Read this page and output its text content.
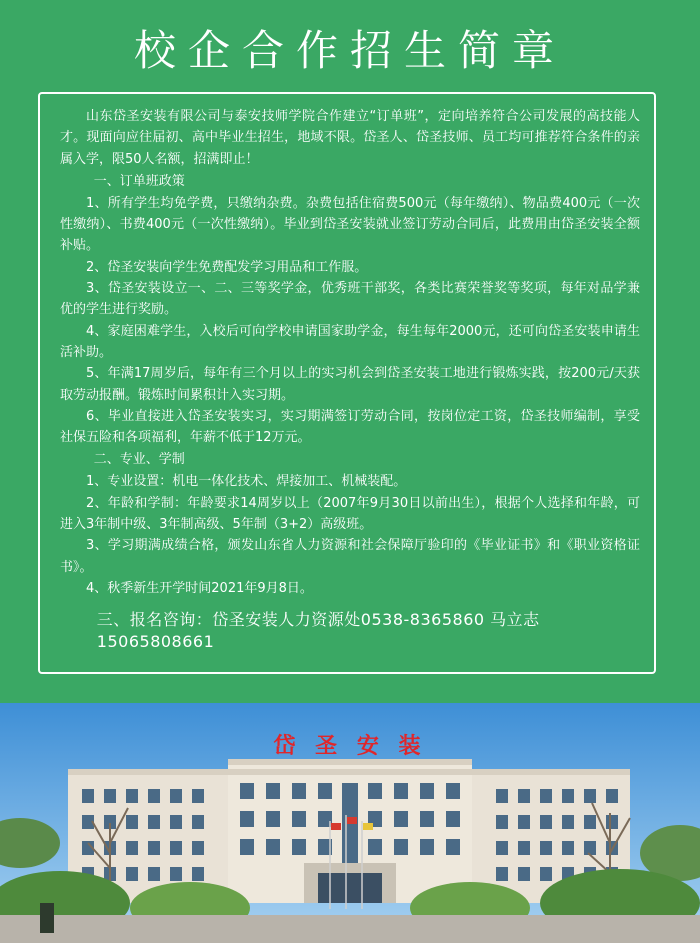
校企合作招生简章

山东岱圣安装有限公司与泰安技师学院合作建立“订单班”，定向培养符合公司发展的高技能人才。现面向应往届初、高中毕业生招生，地域不限。岱圣人、岱圣技师、员工均可推荐符合条件的亲属入学，限50人名额，招满即止！

一、订单班政策

1、所有学生均免学费，只缴纳杂费。杂费包括住宿费500元（每年缴纳）、物品费400元（一次性缴纳）、书费400元（一次性缴纳）。毕业到岱圣安装就业签订劳动合同后，此费用由岱圣安装全额补贴。

2、岱圣安装向学生免费配发学习用品和工作服。

3、岱圣安装设立一、二、三等奖学金，优秀班干部奖，各类比赛荣誉奖等奖项，每年对品学兼优的学生进行奖励。

4、家庭困难学生，入校后可向学校申请国家助学金，每生每年2000元，还可向岱圣安装申请生活补助。

5、年满17周岁后，每年有三个月以上的实习机会到岱圣安装工地进行锻炼实践，按200元/天获取劳动报酬。锻炼时间累积计入实习期。

6、毕业直接进入岱圣安装实习，实习期满签订劳动合同，按岗位定工资，岱圣技师编制，享受社保五险和各项福利，年薪不低于12万元。

二、专业、学制

1、专业设置：机电一体化技术、焊接加工、机械装配。

2、年龄和学制：年龄要求14周岁以上（2007年9月30日以前出生），根据个人选择和年龄，可进入3年制中级、3年制高级、5年制（3+2）高级班。

3、学习期满成绩合格，颁发山东省人力资源和社会保障厅验印的《毕业证书》和《职业资格证书》。

4、秋季新生开学时间2021年9月8日。

三、报名咨询：岱圣安装人力资源处0538-8365860 马立志15065808661

岱 圣 安 装
